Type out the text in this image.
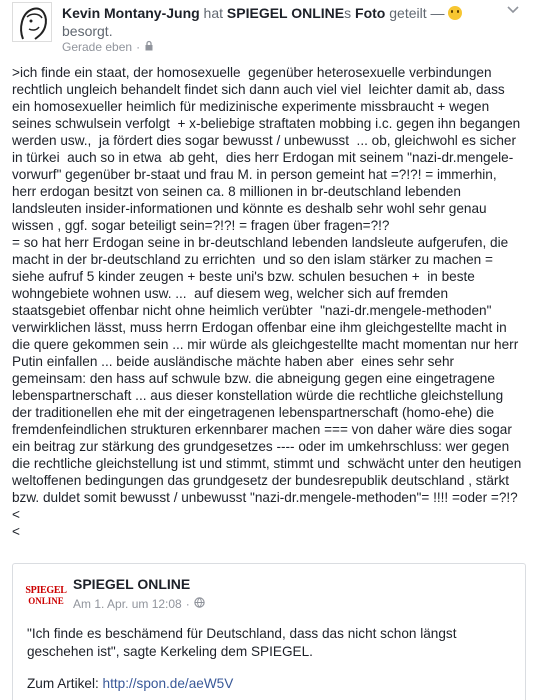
Kevin Montany-Jung hat SPIEGEL ONLINEs Foto geteilt —
besorgt.
Gerade eben ·
>ich finde ein staat, der homosexuelle  gegenüber heterosexuelle verbindungen rechtlich ungleich behandelt findet sich dann auch viel viel  leichter damit ab, dass ein homosexueller heimlich für medizinische experimente missbraucht + wegen seines schwulsein verfolgt  + x-beliebige straftaten mobbing i.c. gegen ihn begangen werden usw.,  ja fördert dies sogar bewusst / unbewusst  ... ob, gleichwohl es sicher in türkei  auch so in etwa  ab geht,  dies herr Erdogan mit seinem "nazi-dr.mengele-vorwurf" gegenüber br-staat und frau M. in person gemeint hat =?!?! = immerhin, herr erdogan besitzt von seinen ca. 8 millionen in br-deutschland lebenden landsleuten insider-informationen und könnte es deshalb sehr wohl sehr genau wissen , ggf. sogar beteiligt sein=?!?! = fragen über fragen=?!?
= so hat herr Erdogan seine in br-deutschland lebenden landsleute aufgerufen, die macht in der br-deutschland zu errichten  und so den islam stärker zu machen = siehe aufruf 5 kinder zeugen + beste uni's bzw. schulen besuchen +  in beste wohngebiete wohnen usw. ...  auf diesem weg, welcher sich auf fremden staatsgebiet offenbar nicht ohne heimlich verübter  "nazi-dr.mengele-methoden" verwirklichen lässt, muss herrn Erdogan offenbar eine ihm gleichgestellte macht in die quere gekommen sein ... mir würde als gleichgestellte macht momentan nur herr Putin einfallen ... beide ausländische mächte haben aber  eines sehr sehr gemeinsam: den hass auf schwule bzw. die abneigung gegen eine eingetragene lebenspartnerschaft ... aus dieser konstellation würde die rechtliche gleichstellung der traditionellen ehe mit der eingetragenen lebenspartnerschaft (homo-ehe) die fremdenfeindlichen strukturen erkennbarer machen === von daher wäre dies sogar ein beitrag zur stärkung des grundgesetzes ---- oder im umkehrschluss: wer gegen die rechtliche gleichstellung ist und stimmt, stimmt und  schwächt unter den heutigen weltoffenen bedingungen das grundgesetz der bundesrepublik deutschland , stärkt bzw. duldet somit bewusst / unbewusst "nazi-dr.mengele-methoden"= !!!! =oder =?!?<
<
SPIEGEL
ONLINE
SPIEGEL ONLINE
Am 1. Apr. um 12:08 ·
"Ich finde es beschämend für Deutschland, dass das nicht schon längst geschehen ist", sagte Kerkeling dem SPIEGEL.
Zum Artikel: http://spon.de/aeW5V
